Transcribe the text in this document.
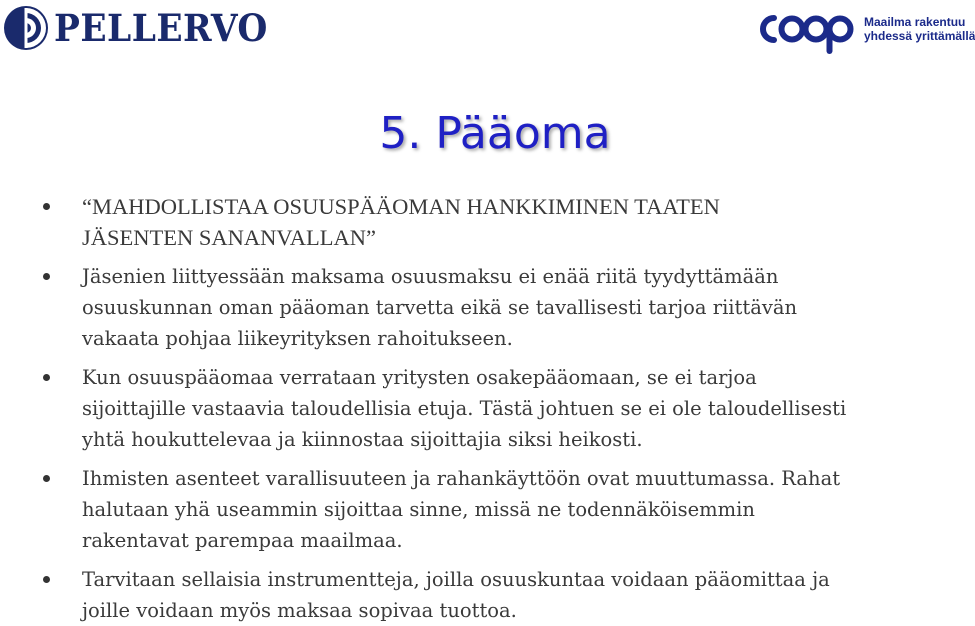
PELLERVO	Maailma rakentuu
yhdessä yrittämällä
5. Pääoma
“MAHDOLLISTAA OSUUSPÄÄOMAN HANKKIMINEN TAATEN
JÄSENTEN SANANVALLAN”
Jäsenien liittyessään maksama osuusmaksu ei enää riitä tyydyttämään
osuuskunnan oman pääoman tarvetta eikä se tavallisesti tarjoa riittävän
vakaata pohjaa liikeyrityksen rahoitukseen.
Kun osuuspääomaa verrataan yritysten osakepääomaan, se ei tarjoa
sijoittajille vastaavia taloudellisia etuja. Tästä johtuen se ei ole taloudellisesti
yhtä houkuttelevaa ja kiinnostaa sijoittajia siksi heikosti.
Ihmisten asenteet varallisuuteen ja rahankäyttöön ovat muuttumassa. Rahat
halutaan yhä useammin sijoittaa sinne, missä ne todennäköisemmin
rakentavat parempaa maailmaa.
Tarvitaan sellaisia instrumentteja, joilla osuuskuntaa voidaan pääomittaa ja
joille voidaan myös maksaa sopivaa tuottoa.
